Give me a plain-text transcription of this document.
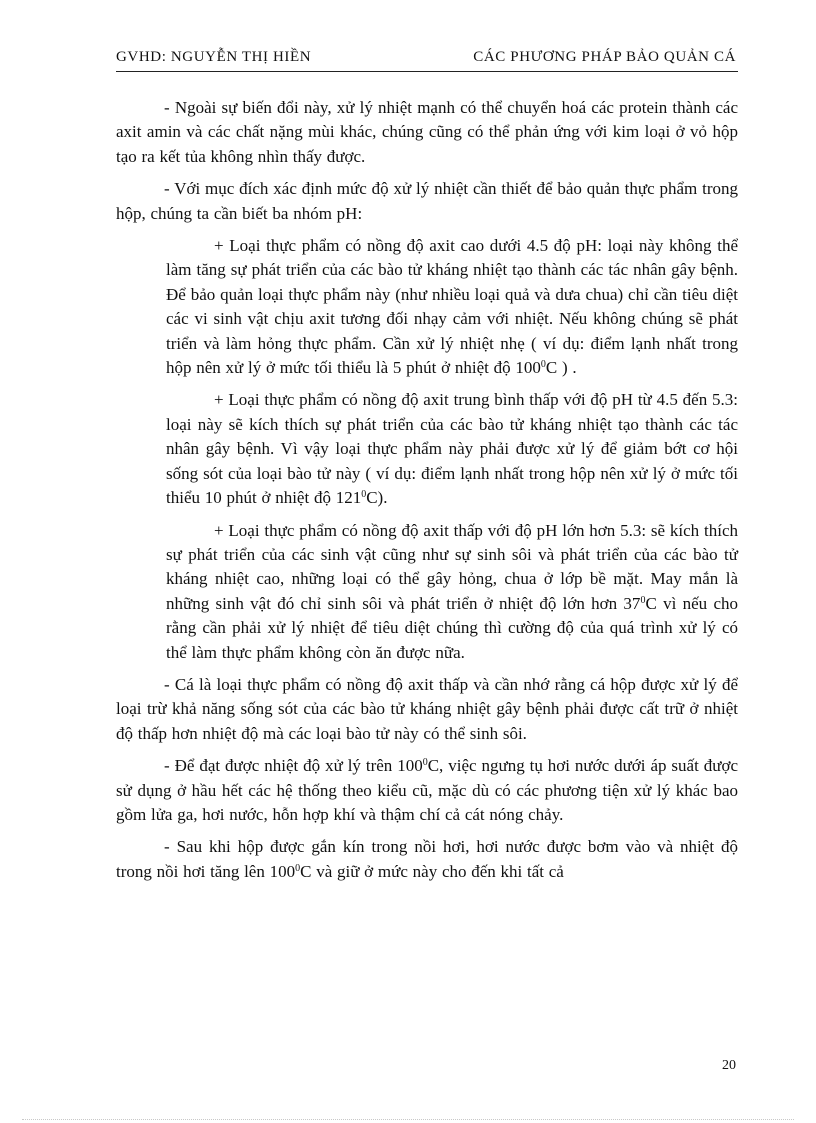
GVHD: NGUYỄN THỊ HIỀN	CÁC PHƯƠNG PHÁP BẢO QUẢN CÁ

- Ngoài sự biến đổi này, xử lý nhiệt mạnh có thể chuyển hoá các protein thành các axit amin và các chất nặng mùi khác, chúng cũng có thể phản ứng với kim loại ở vỏ hộp tạo ra kết tủa không nhìn thấy được.

- Với mục đích xác định mức độ xử lý nhiệt cần thiết để bảo quản thực phẩm trong hộp, chúng ta cần biết ba nhóm pH:

+ Loại thực phẩm có nồng độ axit cao dưới 4.5 độ pH: loại này không thể làm tăng sự phát triển của các bào tử kháng nhiệt tạo thành các tác nhân gây bệnh. Để bảo quản loại thực phẩm này (như nhiều loại quả và dưa chua) chỉ cần tiêu diệt các vi sinh vật chịu axit tương đối nhạy cảm với nhiệt. Nếu không chúng sẽ phát triển và làm hỏng thực phẩm. Cần xử lý nhiệt nhẹ ( ví dụ: điểm lạnh nhất trong hộp nên xử lý ở mức tối thiểu là 5 phút ở nhiệt độ $100^0C$ ) .

+ Loại thực phẩm có nồng độ axit trung bình thấp với độ pH từ 4.5 đến 5.3: loại này sẽ kích thích sự phát triển của các bào tử kháng nhiệt tạo thành các tác nhân gây bệnh. Vì vậy loại thực phẩm này phải được xử lý để giảm bớt cơ hội sống sót của loại bào tử này ( ví dụ: điểm lạnh nhất trong hộp nên xử lý ở mức tối thiểu 10 phút ở nhiệt độ $121^0C$).

+ Loại thực phẩm có nồng độ axit thấp với độ pH lớn hơn 5.3: sẽ kích thích sự phát triển của các sinh vật cũng như sự sinh sôi và phát triển của các bào tử kháng nhiệt cao, những loại có thể gây hỏng, chua ở lớp bề mặt. May mắn là những sinh vật đó chỉ sinh sôi và phát triển ở nhiệt độ lớn hơn $37^0C$ vì nếu cho rằng cần phải xử lý nhiệt để tiêu diệt chúng thì cường độ của quá trình xử lý có thể làm thực phẩm không còn ăn được nữa.

- Cá là loại thực phẩm có nồng độ axit thấp và cần nhớ rằng cá hộp được xử lý để loại trừ khả năng sống sót của các bào tử kháng nhiệt gây bệnh phải được cất trữ ở nhiệt độ thấp hơn nhiệt độ mà các loại bào tử này có thể sinh sôi.

- Để đạt được nhiệt độ xử lý trên $100^0C$, việc ngưng tụ hơi nước dưới áp suất được sử dụng ở hầu hết các hệ thống theo kiểu cũ, mặc dù có các phương tiện xử lý khác bao gồm lửa ga, hơi nước, hỗn hợp khí và thậm chí cả cát nóng chảy.

- Sau khi hộp được gắn kín trong nồi hơi, hơi nước được bơm vào và nhiệt độ trong nồi hơi tăng lên $100^0C$ và giữ ở mức này cho đến khi tất cả

20
